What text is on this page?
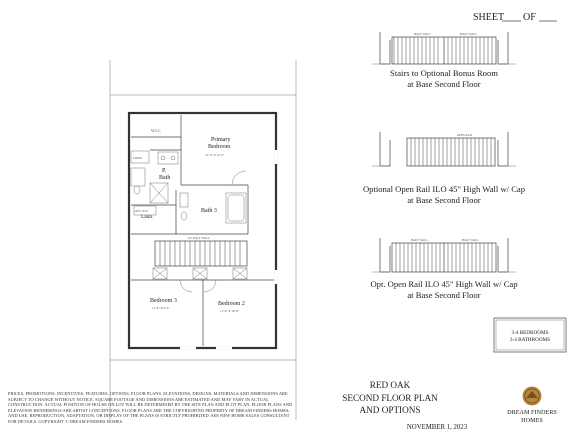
SHEET OF
W.I.C.
LINEN
P.
Bath
Primary
Bedroom
14'-0" X 12'-5"
Bath 3
OPT. W/D
Laun.
45" HALF WALL
Bedroom 3
11'-0" X 9'-6"
Bedroom 2
11'-6" X 10'-0"
HALF WALL	HALF WALL
Stairs to Optional Bonus Room
at Base Second Floor
OPEN RAIL
Optional Open Rail ILO 45" High Wall w/ Cap
at Base Second Floor
HALF WALL	HALF WALL
Opt. Open Rail ILO 45" High Wall w/ Cap
at Base Second Floor
3-4 BEDROOMS
3-4 BATHROOMS
RED OAK
SECOND FLOOR PLAN
AND OPTIONS
NOVEMBER 1, 2023
DREAM FINDERS
HOMES
PRICES, PROMOTIONS, INCENTIVES, FEATURES, OPTIONS, FLOOR PLANS, ELEVATIONS, DESIGNS, MATERIALS AND DIMENSIONS ARE SUBJECT TO CHANGE WITHOUT NOTICE. SQUARE FOOTAGE AND DIMENSIONS ARE ESTIMATED AND MAY VARY IN ACTUAL CONSTRUCTION. ACTUAL POSITION OF HOUSE ON LOT WILL BE DETERMINED BY THE SITE PLAN AND PLOT PLAN. FLOOR PLANS AND ELEVATION RENDERINGS ARE ARTIST CONCEPTIONS. FLOOR PLANS ARE THE COPYRIGHTED PROPERTY OF DREAM FINDERS HOMES, AND USE, REPRODUCTION, ADAPTATION, OR DISPLAY OF THE PLANS IS STRICTLY PROHIBITED. SEE NEW HOME SALES CONSULTANT FOR DETAILS. COPYRIGHT © DREAM FINDERS HOMES
